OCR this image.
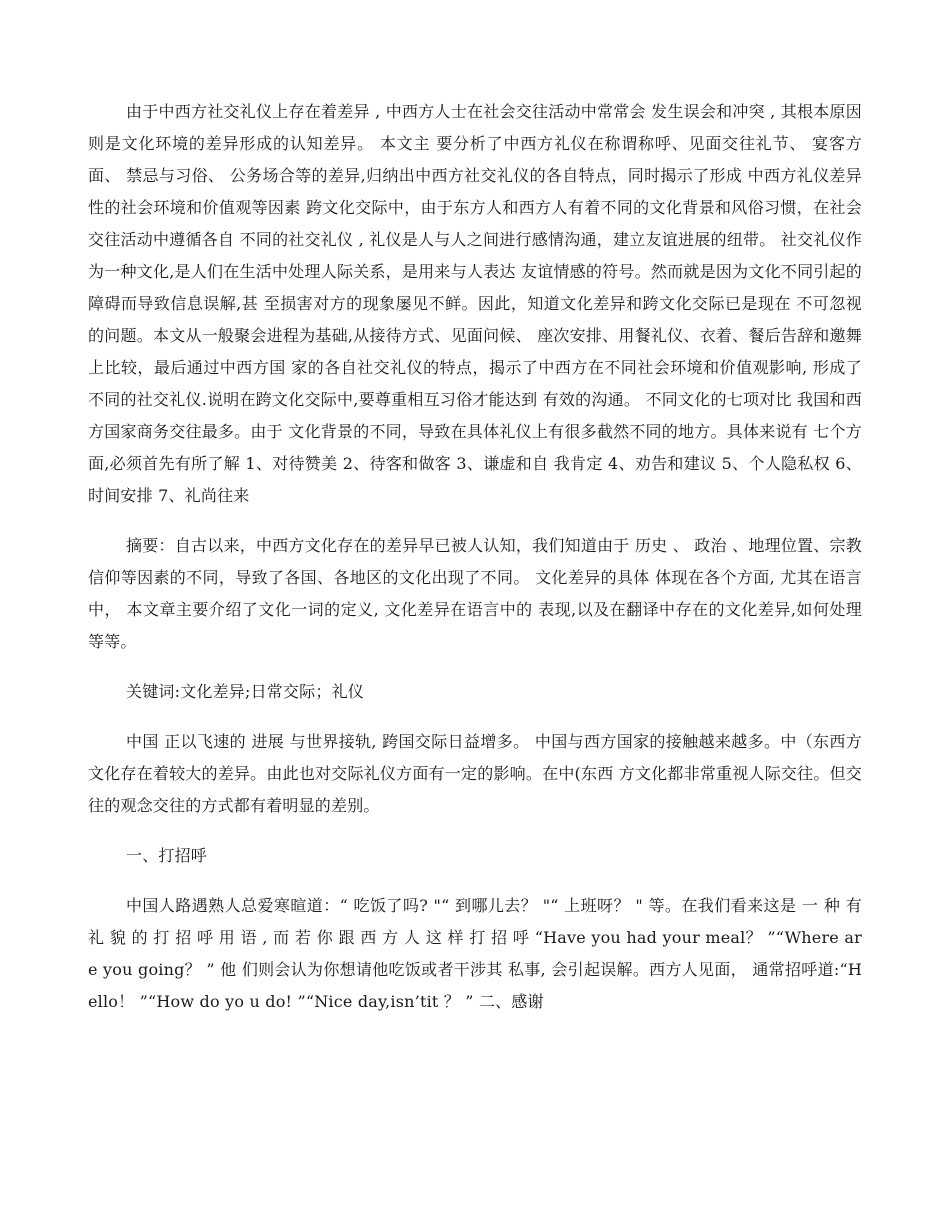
由于中西方社交礼仪上存在着差异 , 中西方人士在社会交往活动中常常会 发生误会和冲突 , 其根本原因则是文化环境的差异形成的认知差异。 本文主 要分析了中西方礼仪在称谓称呼、见面交往礼节、 宴客方面、 禁忌与习俗、 公务场合等的差异,归纳出中西方社交礼仪的各自特点，同时揭示了形成 中西方礼仪差异性的社会环境和价值观等因素 跨文化交际中，由于东方人和西方人有着不同的文化背景和风俗习惯，在社会交往活动中遵循各自 不同的社交礼仪 , 礼仪是人与人之间进行感情沟通，建立友谊进展的纽带。 社交礼仪作为一种文化,是人们在生活中处理人际关系，是用来与人表达 友谊情感的符号。然而就是因为文化不同引起的障碍而导致信息误解,甚 至损害对方的现象屡见不鲜。因此，知道文化差异和跨文化交际已是现在 不可忽视的问题。本文从一般聚会进程为基础,从接待方式、见面问候、 座次安排、用餐礼仪、衣着、餐后告辞和邀舞上比较，最后通过中西方国 家的各自社交礼仪的特点，揭示了中西方在不同社会环境和价值观影响, 形成了不同的社交礼仪.说明在跨文化交际中,要尊重相互习俗才能达到 有效的沟通。 不同文化的七项对比 我国和西方国家商务交往最多。由于 文化背景的不同，导致在具体礼仪上有很多截然不同的地方。具体来说有 七个方面,必须首先有所了解 1、对待赞美 2、待客和做客 3、谦虚和自 我肯定 4、劝告和建议 5、个人隐私权 6、时间安排 7、礼尚往来

摘要：自古以来，中西方文化存在的差异早已被人认知，我们知道由于 历史 、 政治 、地理位置、宗教信仰等因素的不同，导致了各国、各地区的文化出现了不同。 文化差异的具体 体现在各个方面, 尤其在语言中， 本文章主要介绍了文化一词的定义, 文化差异在语言中的 表现,以及在翻译中存在的文化差异,如何处理等等。

关键词:文化差异;日常交际；礼仪

中国 正以飞速的 进展 与世界接轨, 跨国交际日益增多。 中国与西方国家的接触越来越多。中（东西方文化存在着较大的差异。由此也对交际礼仪方面有一定的影响。在中(东西 方文化都非常重视人际交往。但交往的观念交往的方式都有着明显的差别。

一、打招呼

中国人路遇熟人总爱寒暄道：“ 吃饭了吗? "“ 到哪儿去？ "“ 上班呀？ " 等。在我们看来这是 一 种 有 礼 貌 的 打 招 呼 用 语 , 而 若 你 跟 西 方 人 这 样 打 招 呼 “Have you had your meal？ ”“Where are you going？ ” 他 们则会认为你想请他吃饭或者干涉其 私事, 会引起误解。西方人见面， 通常招呼道:“Hello！ ”“How do yo u do! ”“Nice day,isn’tit ？ ” 二、感谢
